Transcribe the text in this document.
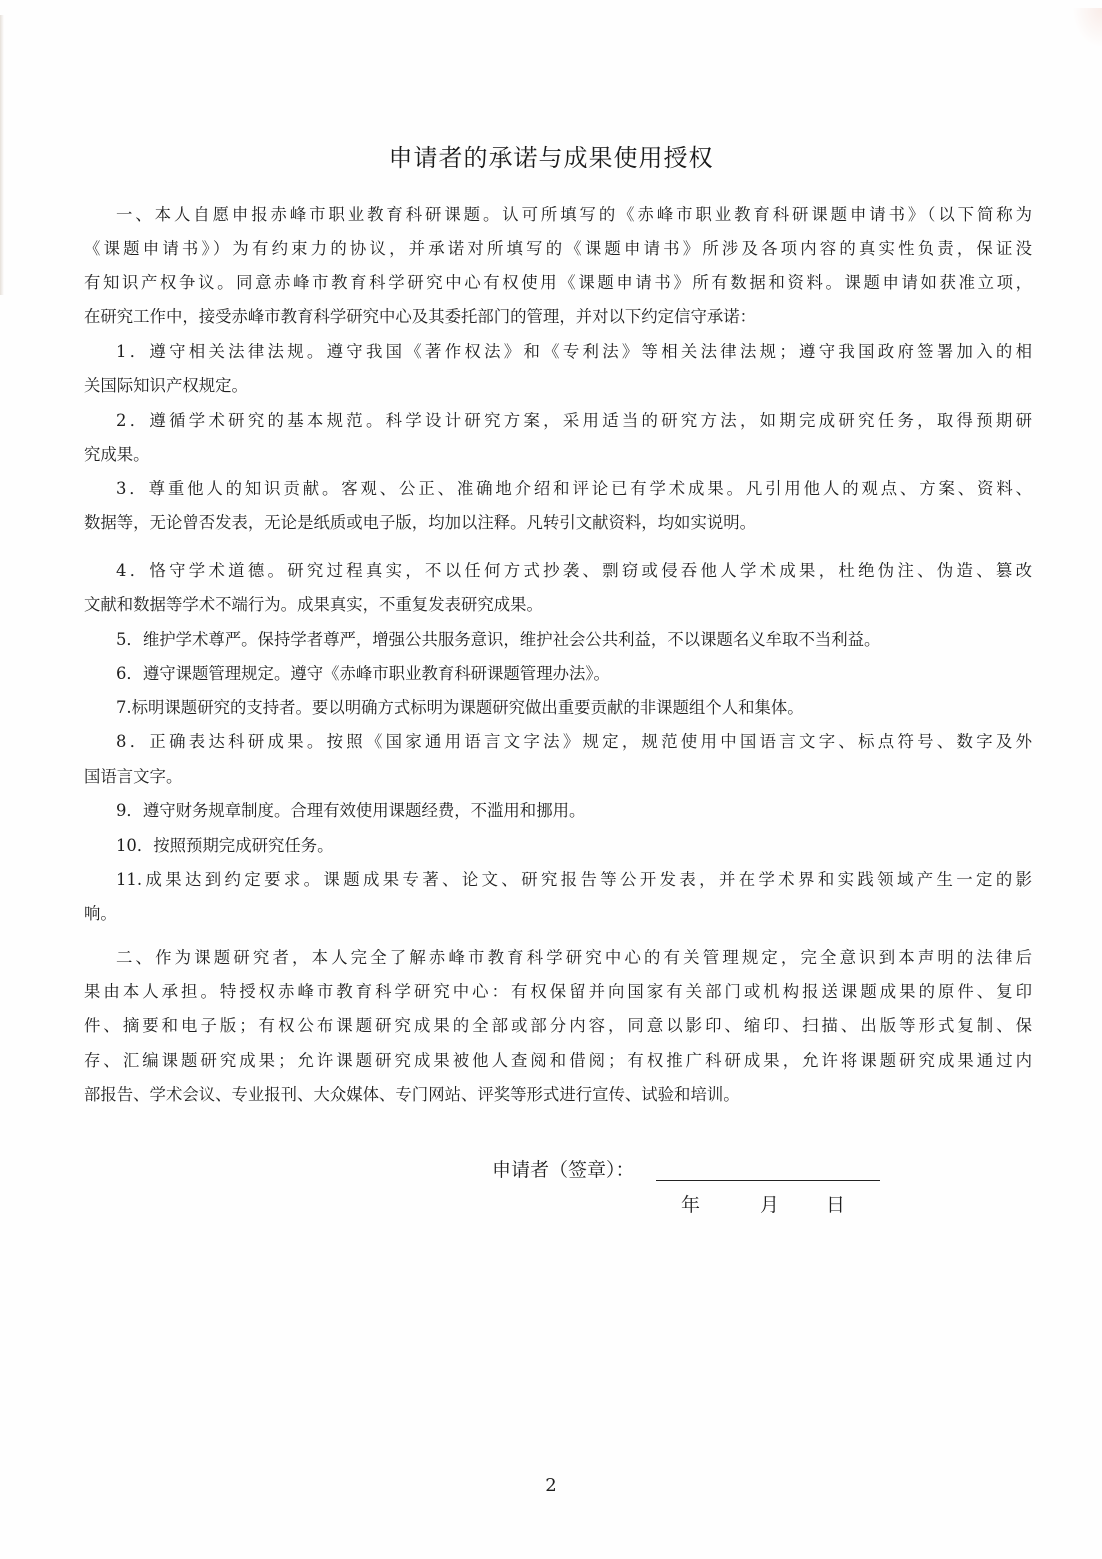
申请者的承诺与成果使用授权
一、本人自愿申报赤峰市职业教育科研课题。认可所填写的《赤峰市职业教育科研课题申请书》（以下简称为
《课题申请书》）为有约束力的协议，并承诺对所填写的《课题申请书》所涉及各项内容的真实性负责，保证没
有知识产权争议。同意赤峰市教育科学研究中心有权使用《课题申请书》所有数据和资料。课题申请如获准立项，
在研究工作中，接受赤峰市教育科学研究中心及其委托部门的管理，并对以下约定信守承诺：
1．遵守相关法律法规。遵守我国《著作权法》和《专利法》等相关法律法规；遵守我国政府签署加入的相
关国际知识产权规定。
2．遵循学术研究的基本规范。科学设计研究方案，采用适当的研究方法，如期完成研究任务，取得预期研
究成果。
3．尊重他人的知识贡献。客观、公正、准确地介绍和评论已有学术成果。凡引用他人的观点、方案、资料、
数据等，无论曾否发表，无论是纸质或电子版，均加以注释。凡转引文献资料，均如实说明。
4．恪守学术道德。研究过程真实，不以任何方式抄袭、剽窃或侵吞他人学术成果，杜绝伪注、伪造、篡改
文献和数据等学术不端行为。成果真实，不重复发表研究成果。
5．维护学术尊严。保持学者尊严，增强公共服务意识，维护社会公共利益，不以课题名义牟取不当利益。
6．遵守课题管理规定。遵守《赤峰市职业教育科研课题管理办法》。
7.标明课题研究的支持者。要以明确方式标明为课题研究做出重要贡献的非课题组个人和集体。
8．正确表达科研成果。按照《国家通用语言文字法》规定，规范使用中国语言文字、标点符号、数字及外
国语言文字。
9．遵守财务规章制度。合理有效使用课题经费，不滥用和挪用。
10．按照预期完成研究任务。
11.成果达到约定要求。课题成果专著、论文、研究报告等公开发表，并在学术界和实践领域产生一定的影
响。
二、作为课题研究者，本人完全了解赤峰市教育科学研究中心的有关管理规定，完全意识到本声明的法律后
果由本人承担。特授权赤峰市教育科学研究中心：有权保留并向国家有关部门或机构报送课题成果的原件、复印
件、摘要和电子版；有权公布课题研究成果的全部或部分内容，同意以影印、缩印、扫描、出版等形式复制、保
存、汇编课题研究成果；允许课题研究成果被他人查阅和借阅；有权推广科研成果，允许将课题研究成果通过内
部报告、学术会议、专业报刊、大众媒体、专门网站、评奖等形式进行宣传、试验和培训。
申请者（签章）：
年	月 日
2
